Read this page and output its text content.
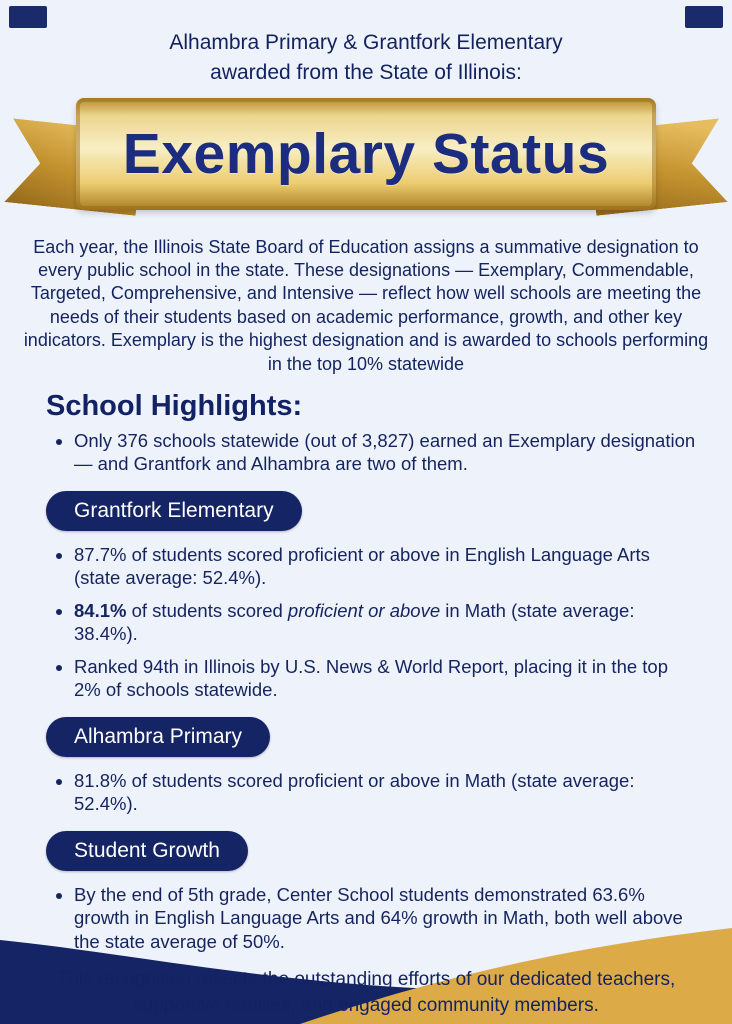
Alhambra Primary & Grantfork Elementary
awarded from the State of Illinois:
Exemplary Status

Each year, the Illinois State Board of Education assigns a summative designation to every public school in the state. These designations — Exemplary, Commendable, Targeted, Comprehensive, and Intensive — reflect how well schools are meeting the needs of their students based on academic performance, growth, and other key indicators. Exemplary is the highest designation and is awarded to schools performing in the top 10% statewide

School Highlights:
• Only 376 schools statewide (out of 3,827) earned an Exemplary designation — and Grantfork and Alhambra are two of them.
Grantfork Elementary
• 87.7% of students scored proficient or above in English Language Arts (state average: 52.4%).
• 84.1% of students scored proficient or above in Math (state average: 38.4%).
• Ranked 94th in Illinois by U.S. News & World Report, placing it in the top 2% of schools statewide.
Alhambra Primary
• 81.8% of students scored proficient or above in Math (state average: 52.4%).
Student Growth
• By the end of 5th grade, Center School students demonstrated 63.6% growth in English Language Arts and 64% growth in Math, both well above the state average of 50%.

This recognition reflects the outstanding efforts of our dedicated teachers, supportive families, and engaged community members.
